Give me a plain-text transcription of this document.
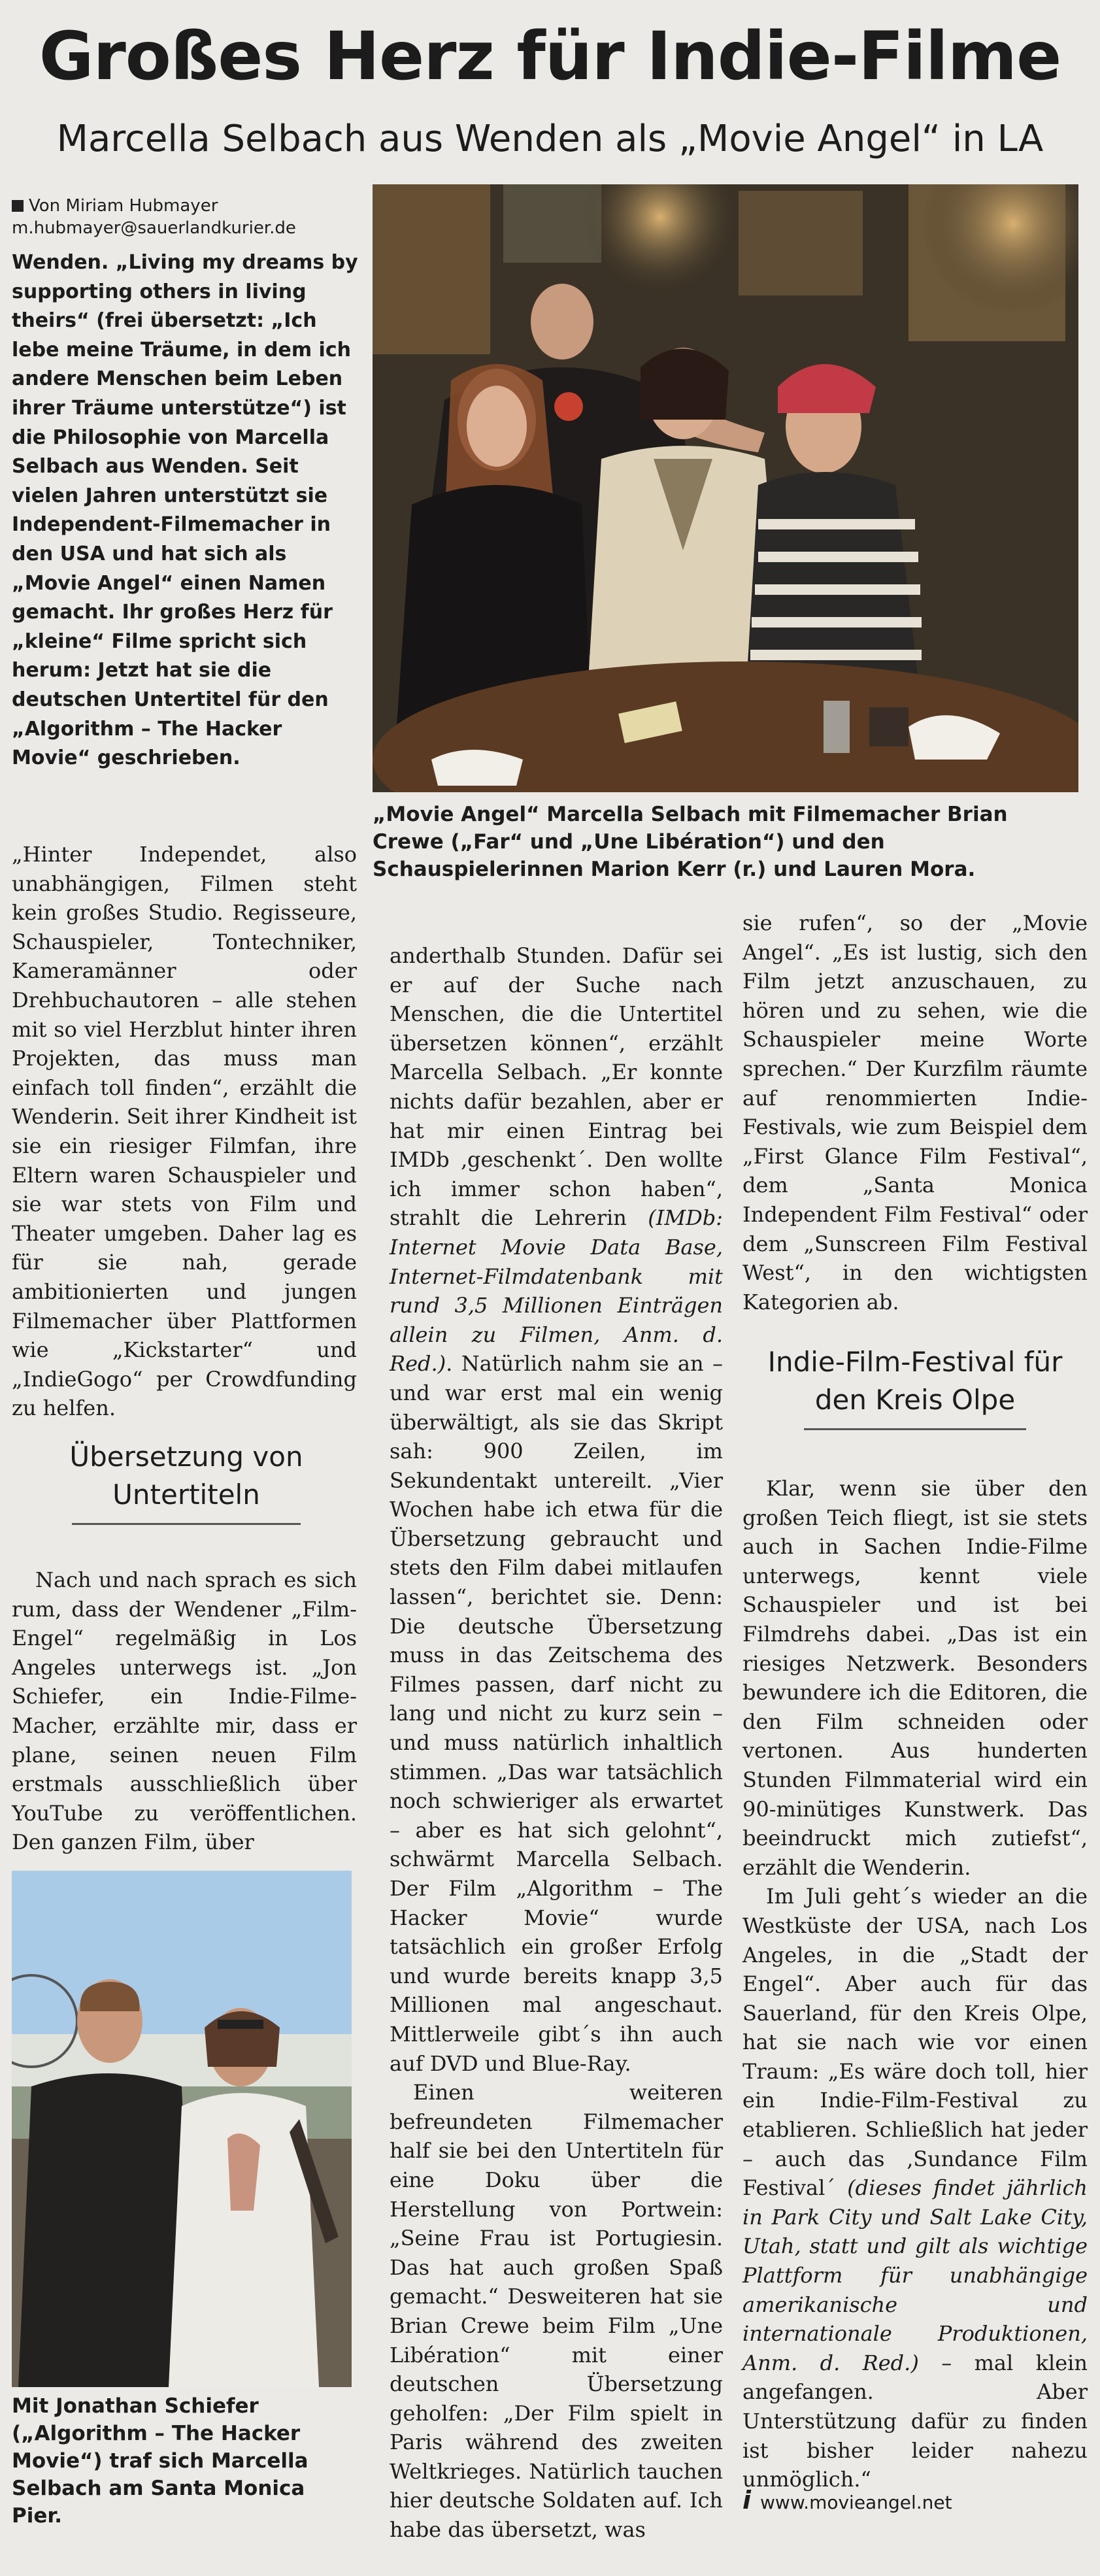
Großes Herz für Indie-Filme
Marcella Selbach aus Wenden als „Movie Angel“ in LA
Von Miriam Hubmayer
m.hubmayer@sauerlandkurier.de
Wenden. „Living my dreams by supporting others in living theirs“ (frei übersetzt: „Ich lebe meine Träume, in dem ich andere Menschen beim Leben ihrer Träume unterstütze“) ist die Philosophie von Marcella Selbach aus Wenden. Seit vielen Jahren unterstützt sie Independent-Filmemacher in den USA und hat sich als „Movie Angel“ einen Namen gemacht. Ihr großes Herz für „kleine“ Filme spricht sich herum: Jetzt hat sie die deutschen Untertitel für den „Algorithm – The Hacker Movie“ geschrieben.
„Movie Angel“ Marcella Selbach mit Filmemacher Brian Crewe („Far“ und „Une Libération“) und den Schauspielerinnen Marion Kerr (r.) und Lauren Mora.

„Hinter Independet, also unabhängigen, Filmen steht kein großes Studio. Regisseure, Schauspieler, Tontechniker, Kameramänner oder Drehbuchautoren – alle stehen mit so viel Herzblut hinter ihren Projekten, das muss man einfach toll finden“, erzählt die Wenderin. Seit ihrer Kindheit ist sie ein riesiger Filmfan, ihre Eltern waren Schauspieler und sie war stets von Film und Theater umgeben. Daher lag es für sie nah, gerade ambitionierten und jungen Filmemacher über Plattformen wie „Kickstarter“ und „IndieGogo“ per Crowdfunding zu helfen.

Übersetzung von Untertiteln

Nach und nach sprach es sich rum, dass der Wendener „Film-Engel“ regelmäßig in Los Angeles unterwegs ist. „Jon Schiefer, ein Indie-Filme-Macher, erzählte mir, dass er plane, seinen neuen Film erstmals ausschließlich über YouTube zu veröffentlichen. Den ganzen Film, über

Mit Jonathan Schiefer („Algorithm – The Hacker Movie“) traf sich Marcella Selbach am Santa Monica Pier.

anderthalb Stunden. Dafür sei er auf der Suche nach Menschen, die die Untertitel übersetzen können“, erzählt Marcella Selbach. „Er konnte nichts dafür bezahlen, aber er hat mir einen Eintrag bei IMDb ‚geschenkt´. Den wollte ich immer schon haben“, strahlt die Lehrerin (IMDb: Internet Movie Data Base, Internet-Filmdatenbank mit rund 3,5 Millionen Einträgen allein zu Filmen, Anm. d. Red.). Natürlich nahm sie an – und war erst mal ein wenig überwältigt, als sie das Skript sah: 900 Zeilen, im Sekundentakt untereilt. „Vier Wochen habe ich etwa für die Übersetzung gebraucht und stets den Film dabei mitlaufen lassen“, berichtet sie. Denn: Die deutsche Übersetzung muss in das Zeitschema des Filmes passen, darf nicht zu lang und nicht zu kurz sein – und muss natürlich inhaltlich stimmen. „Das war tatsächlich noch schwieriger als erwartet – aber es hat sich gelohnt“, schwärmt Marcella Selbach. Der Film „Algorithm – The Hacker Movie“ wurde tatsächlich ein großer Erfolg und wurde bereits knapp 3,5 Millionen mal angeschaut. Mittlerweile gibt´s ihn auch auf DVD und Blue-Ray.

Einen weiteren befreundeten Filmemacher half sie bei den Untertiteln für eine Doku über die Herstellung von Portwein: „Seine Frau ist Portugiesin. Das hat auch großen Spaß gemacht.“ Desweiteren hat sie Brian Crewe beim Film „Une Libération“ mit einer deutschen Übersetzung geholfen: „Der Film spielt in Paris während des zweiten Weltkrieges. Natürlich tauchen hier deutsche Soldaten auf. Ich habe das übersetzt, was

sie rufen“, so der „Movie Angel“. „Es ist lustig, sich den Film jetzt anzuschauen, zu hören und zu sehen, wie die Schauspieler meine Worte sprechen.“ Der Kurzfilm räumte auf renommierten Indie-Festivals, wie zum Beispiel dem „First Glance Film Festival“, dem „Santa Monica Independent Film Festival“ oder dem „Sunscreen Film Festival West“, in den wichtigsten Kategorien ab.

Indie-Film-Festival für den Kreis Olpe

Klar, wenn sie über den großen Teich fliegt, ist sie stets auch in Sachen Indie-Filme unterwegs, kennt viele Schauspieler und ist bei Filmdrehs dabei. „Das ist ein riesiges Netzwerk. Besonders bewundere ich die Editoren, die den Film schneiden oder vertonen. Aus hunderten Stunden Filmmaterial wird ein 90-minütiges Kunstwerk. Das beeindruckt mich zutiefst“, erzählt die Wenderin.

Im Juli geht´s wieder an die Westküste der USA, nach Los Angeles, in die „Stadt der Engel“. Aber auch für das Sauerland, für den Kreis Olpe, hat sie nach wie vor einen Traum: „Es wäre doch toll, hier ein Indie-Film-Festival zu etablieren. Schließlich hat jeder – auch das ‚Sundance Film Festival´ (dieses findet jährlich in Park City und Salt Lake City, Utah, statt und gilt als wichtige Plattform für unabhängige amerikanische und internationale Produktionen, Anm. d. Red.) – mal klein angefangen. Aber Unterstützung dafür zu finden ist bisher leider nahezu unmöglich.“

i www.movieangel.net
